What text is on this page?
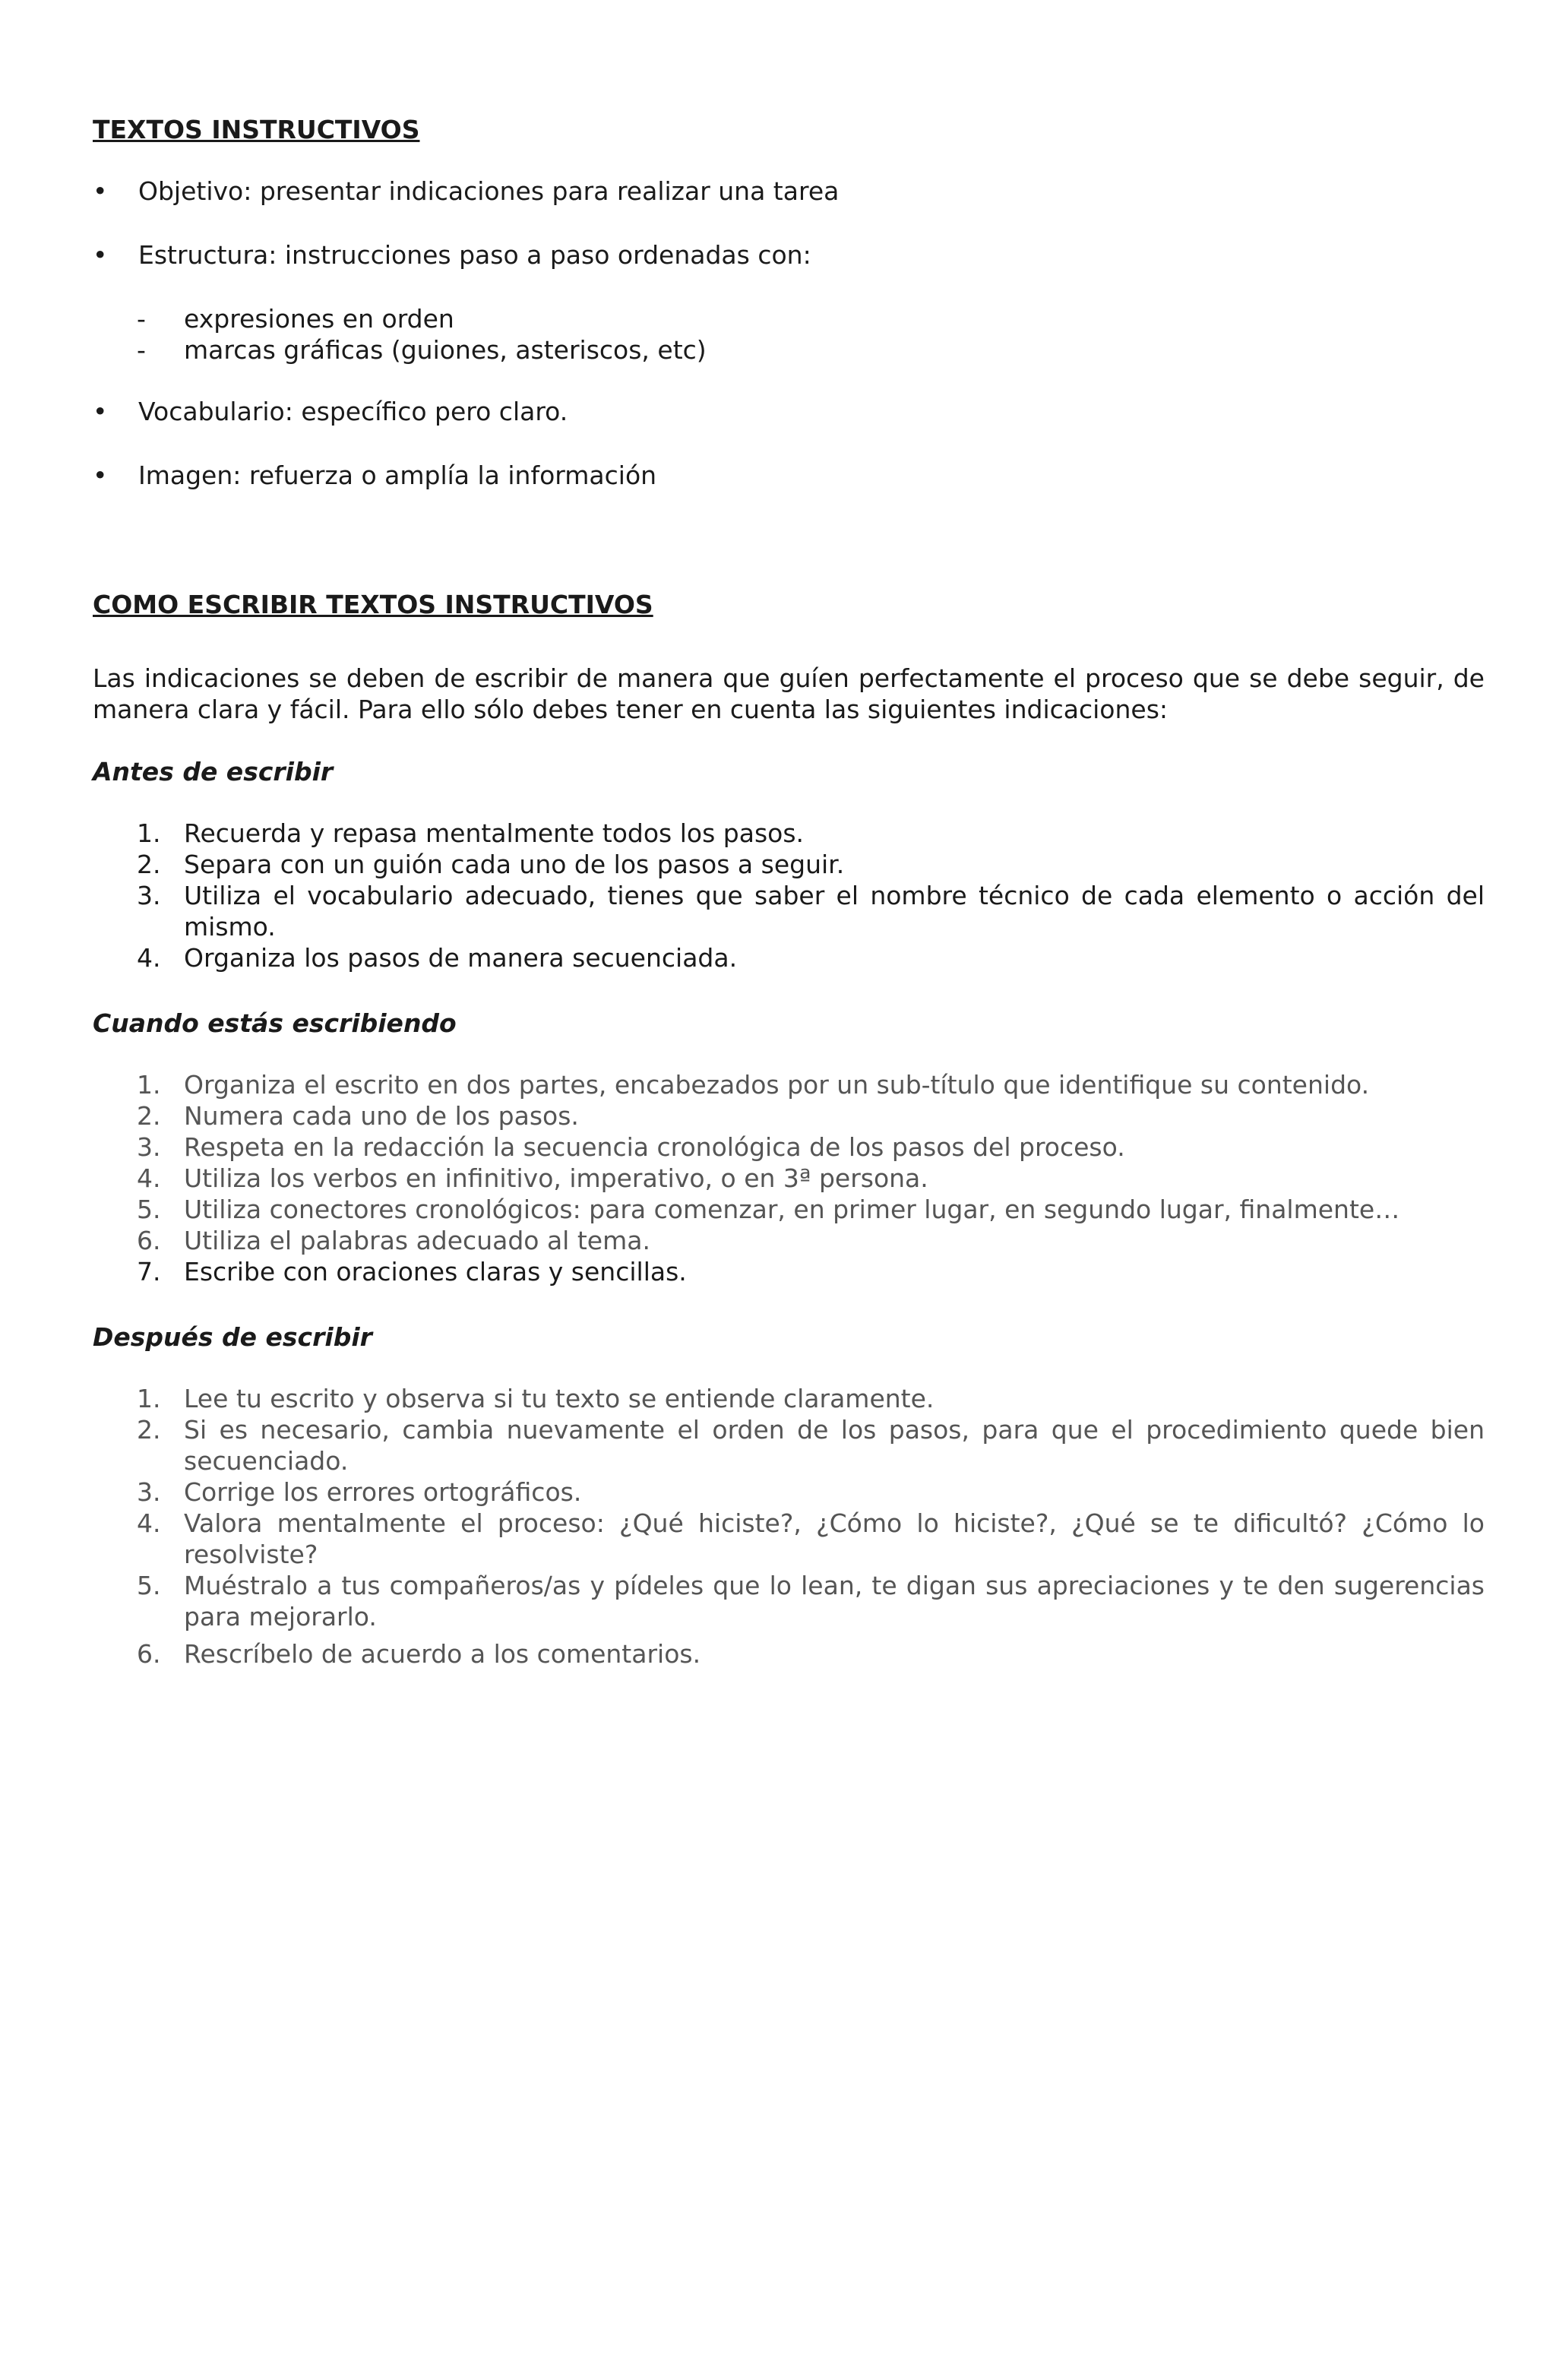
TEXTOS INSTRUCTIVOS

• Objetivo: presentar indicaciones para realizar una tarea
• Estructura: instrucciones paso a paso ordenadas con:
- expresiones en orden
- marcas gráficas (guiones, asteriscos, etc)
• Vocabulario: específico pero claro.
• Imagen: refuerza o amplía la información

COMO ESCRIBIR TEXTOS INSTRUCTIVOS

Las indicaciones se deben de escribir de manera que guíen perfectamente el proceso que se debe seguir, de manera clara y fácil. Para ello sólo debes tener en cuenta las siguientes indicaciones:

Antes de escribir

1. Recuerda y repasa mentalmente todos los pasos.
2. Separa con un guión cada uno de los pasos a seguir.
3. Utiliza el vocabulario adecuado, tienes que saber el nombre técnico de cada elemento o acción del mismo.
4. Organiza los pasos de manera secuenciada.

Cuando estás escribiendo

1. Organiza el escrito en dos partes, encabezados por un sub-título que identifique su contenido.
2. Numera cada uno de los pasos.
3. Respeta en la redacción la secuencia cronológica de los pasos del proceso.
4. Utiliza los verbos en infinitivo, imperativo, o en 3ª persona.
5. Utiliza conectores cronológicos: para comenzar, en primer lugar, en segundo lugar, finalmente…
6. Utiliza el palabras adecuado al tema.
7. Escribe con oraciones claras y sencillas.

Después de escribir

1. Lee tu escrito y observa si tu texto se entiende claramente.
2. Si es necesario, cambia nuevamente el orden de los pasos, para que el procedimiento quede bien secuenciado.
3. Corrige los errores ortográficos.
4. Valora mentalmente el proceso: ¿Qué hiciste?, ¿Cómo lo hiciste?, ¿Qué se te dificultó? ¿Cómo lo resolviste?
5. Muéstralo a tus compañeros/as y pídeles que lo lean, te digan sus apreciaciones y te den sugerencias para mejorarlo.
6. Rescríbelo de acuerdo a los comentarios.
